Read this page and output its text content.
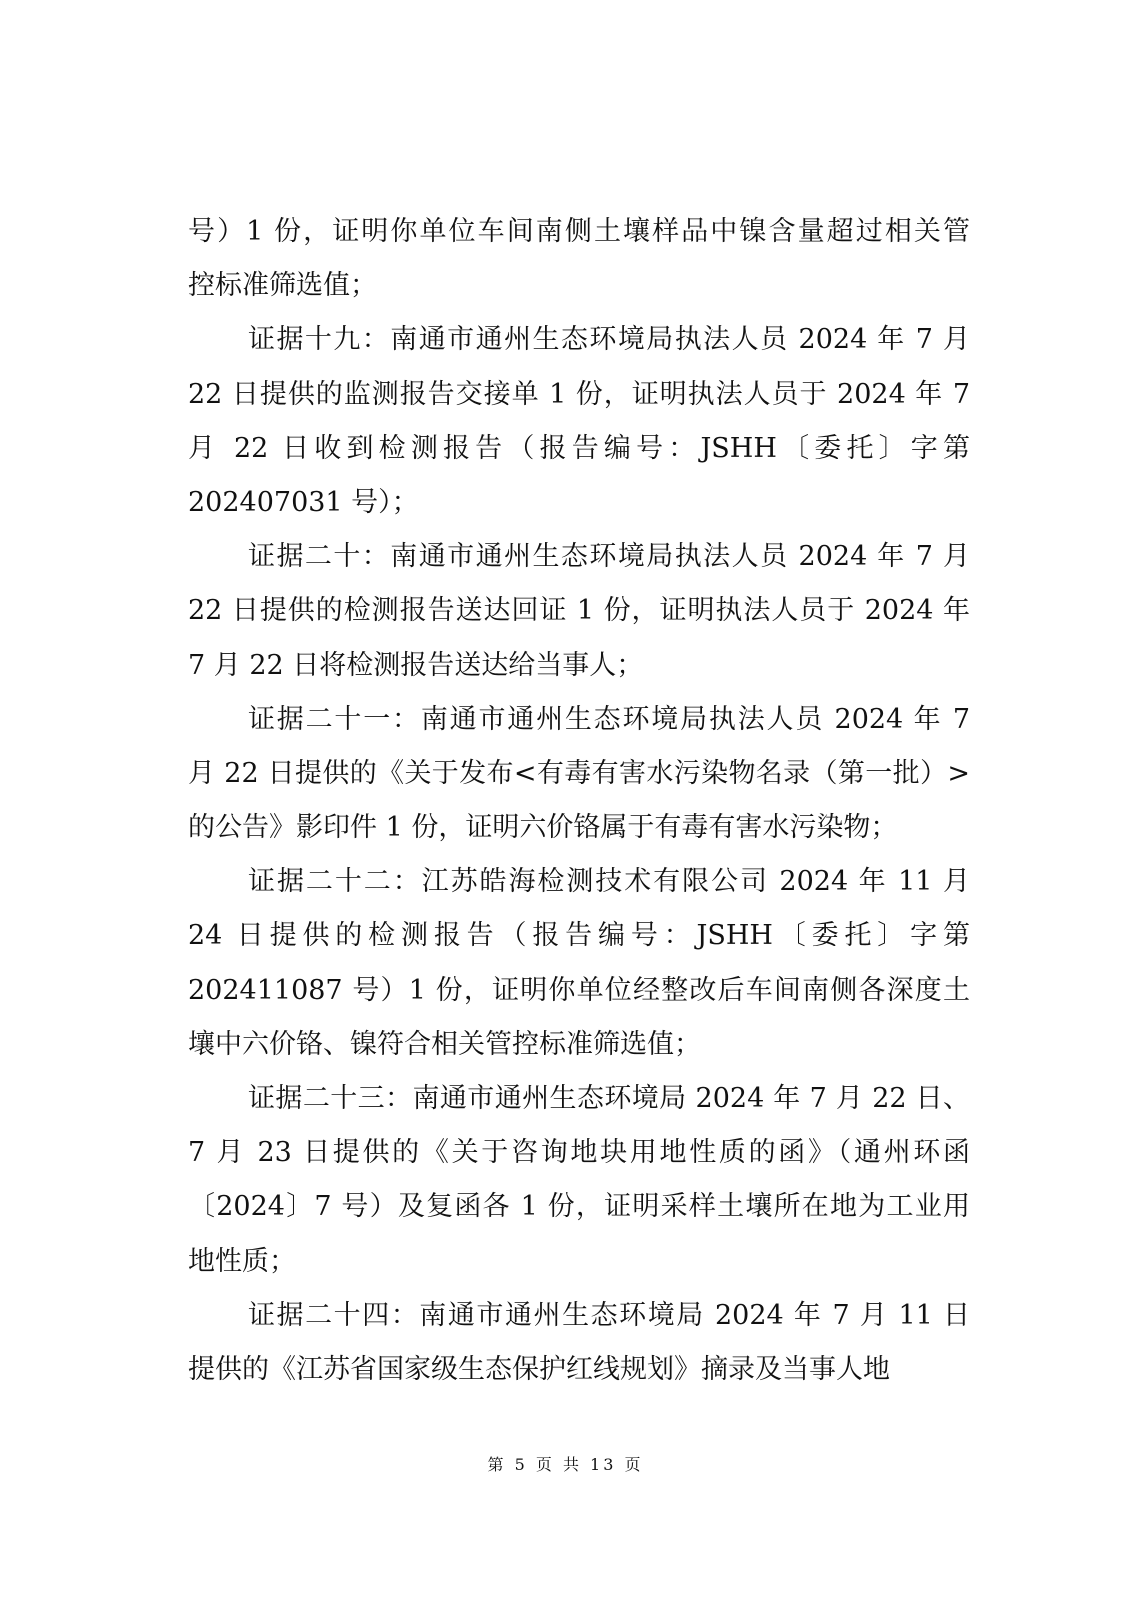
号）1 份，证明你单位车间南侧土壤样品中镍含量超过相关管
控标准筛选值；
证据十九：南通市通州生态环境局执法人员 2024 年 7 月
22 日提供的监测报告交接单 1 份，证明执法人员于 2024 年 7
月 22 日收到检测报告（报告编号：JSHH〔委托〕字第
202407031 号）；
证据二十：南通市通州生态环境局执法人员 2024 年 7 月
22 日提供的检测报告送达回证 1 份，证明执法人员于 2024 年
7 月 22 日将检测报告送达给当事人；
证据二十一：南通市通州生态环境局执法人员 2024 年 7
月 22 日提供的《关于发布<有毒有害水污染物名录（第一批）>
的公告》影印件 1 份，证明六价铬属于有毒有害水污染物；
证据二十二：江苏皓海检测技术有限公司 2024 年 11 月
24 日提供的检测报告（报告编号：JSHH〔委托〕字第
202411087 号）1 份，证明你单位经整改后车间南侧各深度土
壤中六价铬、镍符合相关管控标准筛选值；
证据二十三：南通市通州生态环境局 2024 年 7 月 22 日、
7 月 23 日提供的《关于咨询地块用地性质的函》（通州环函
〔2024〕7 号）及复函各 1 份，证明采样土壤所在地为工业用
地性质；
证据二十四：南通市通州生态环境局 2024 年 7 月 11 日
提供的《江苏省国家级生态保护红线规划》摘录及当事人地
第 5 页 共 13 页
